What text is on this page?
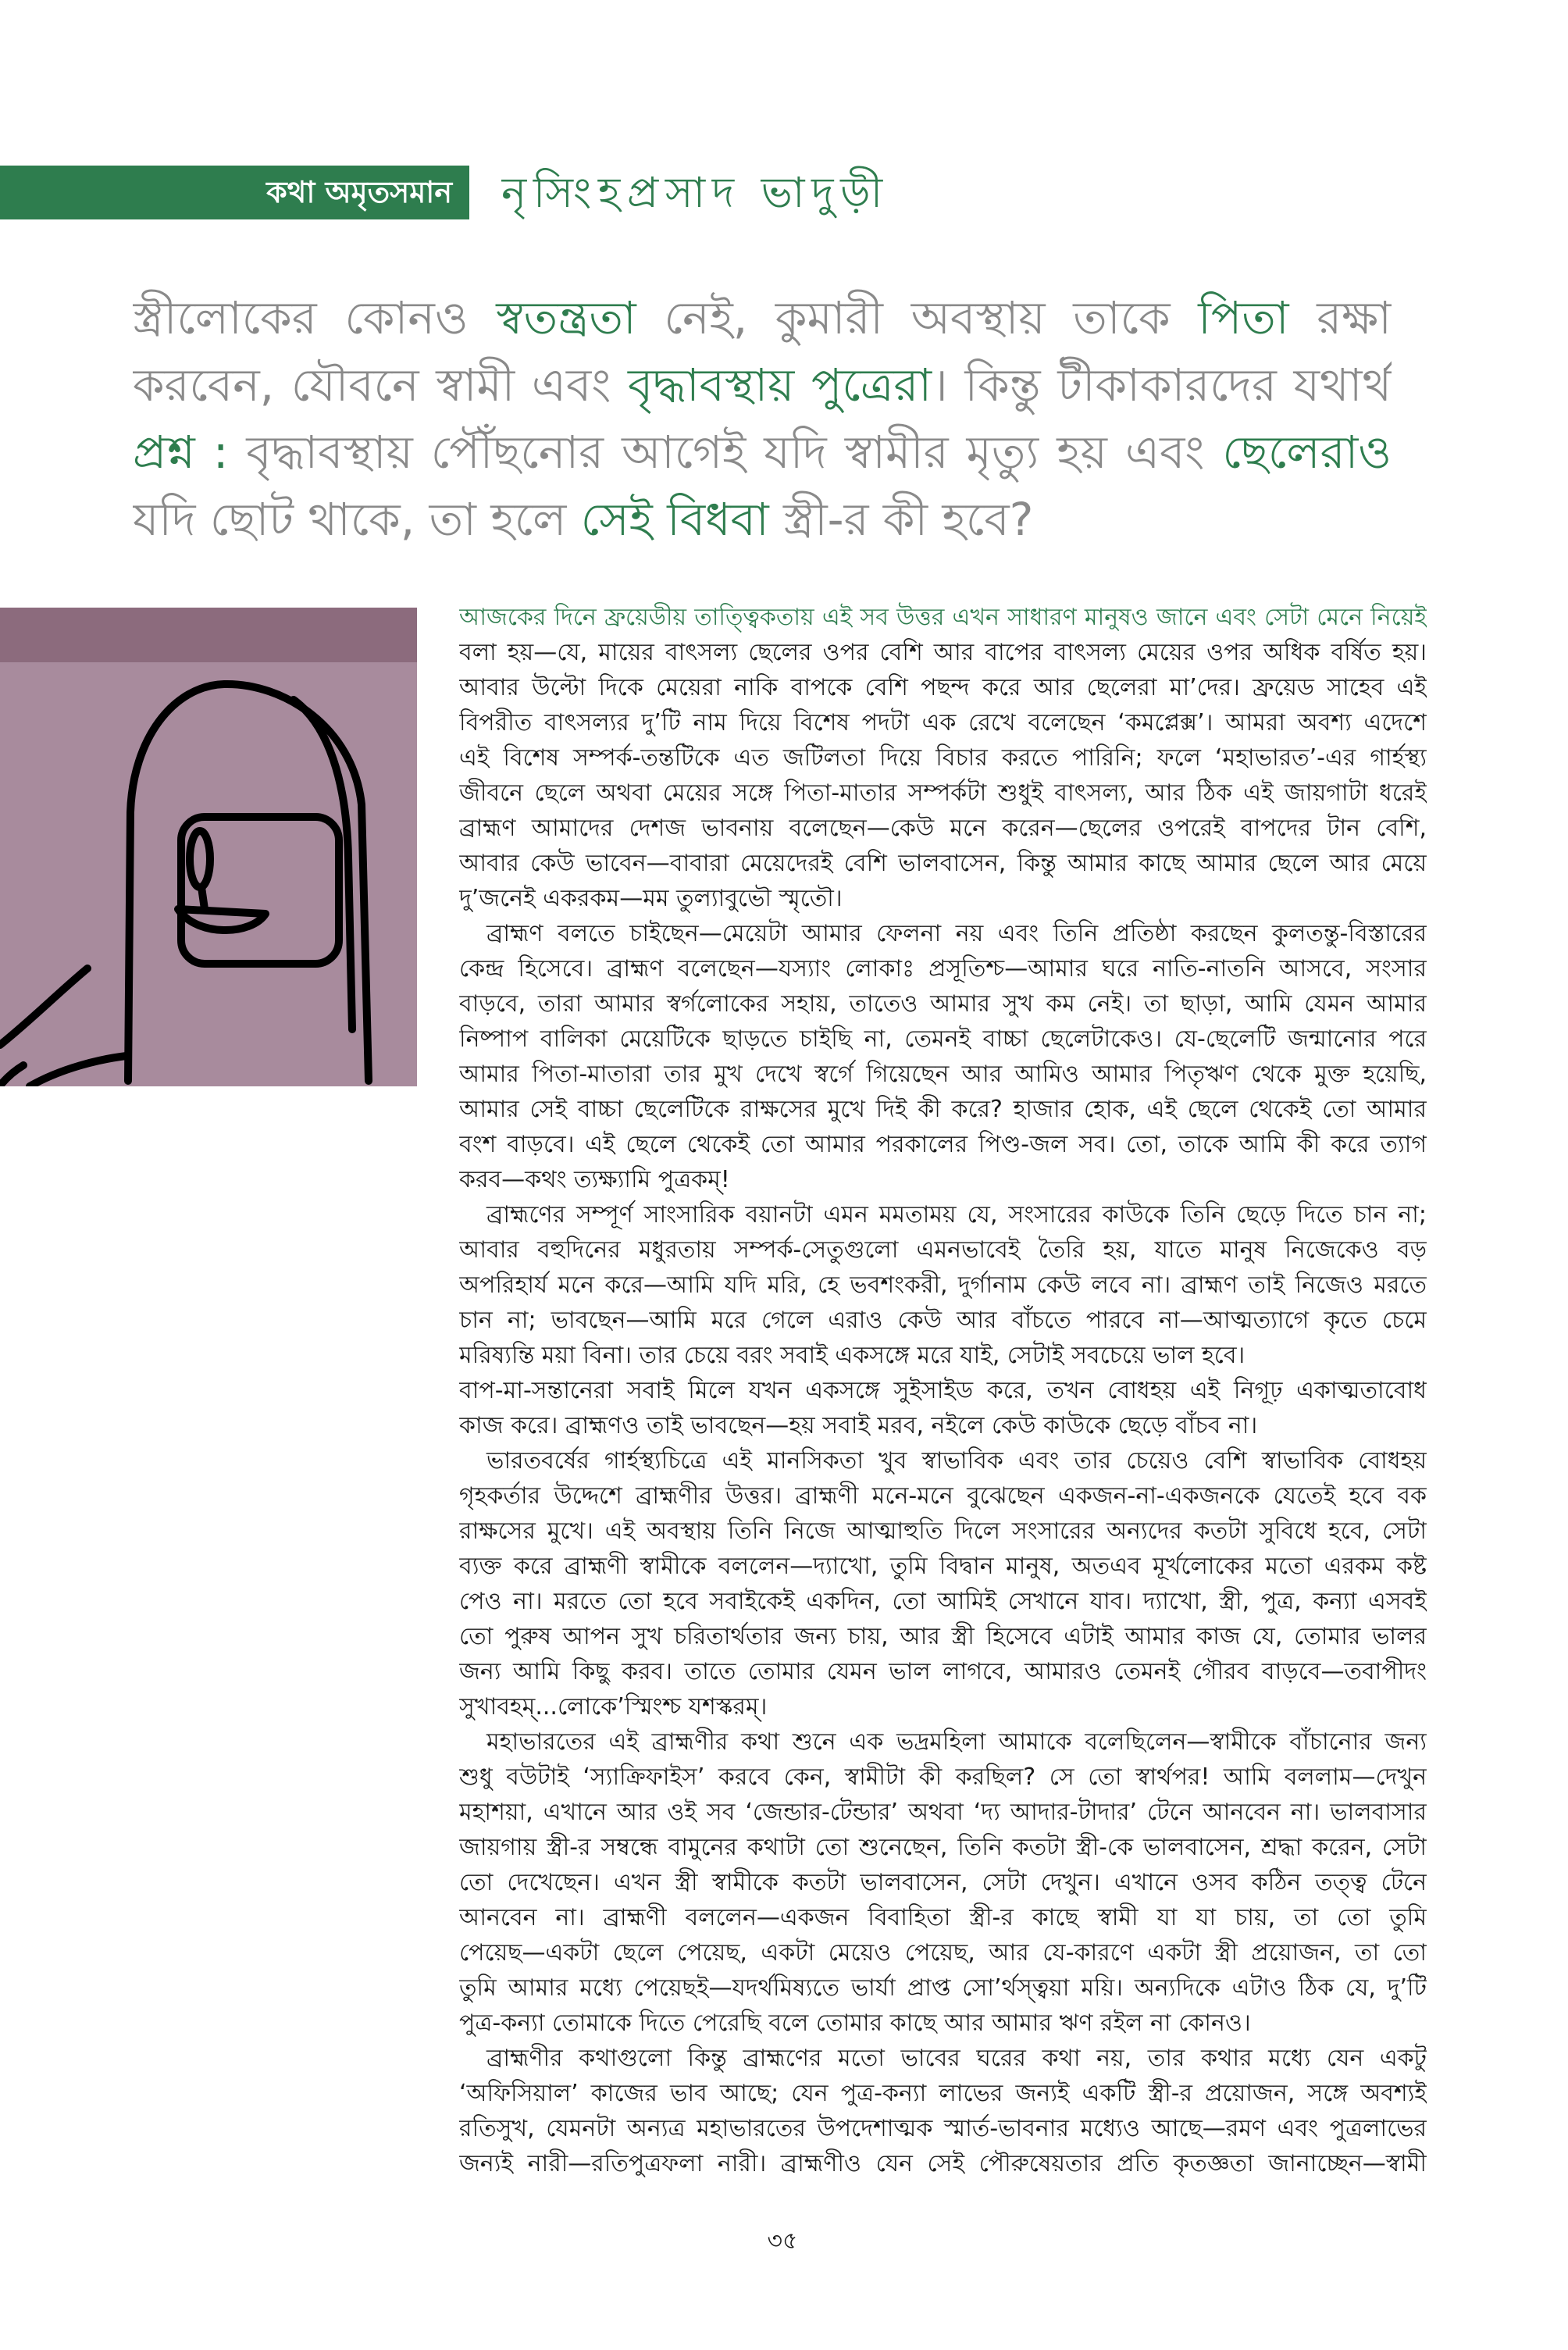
কথা অমৃতসমান	নৃসিংহপ্রসাদ ভাদুড়ী
স্ত্রীলোকের কোনও স্বতন্ত্রতা নেই, কুমারী অবস্থায় তাকে পিতা রক্ষা
করবেন, যৌবনে স্বামী এবং বৃদ্ধাবস্থায় পুত্রেরা। কিন্তু টীকাকারদের যথার্থ
প্রশ্ন : বৃদ্ধাবস্থায় পৌঁছনোর আগেই যদি স্বামীর মৃত্যু হয় এবং ছেলেরাও
যদি ছোট থাকে, তা হলে সেই বিধবা স্ত্রী-র কী হবে?
আজকের দিনে ফ্রয়েডীয় তাত্ত্বিকতায় এই সব উত্তর এখন সাধারণ মানুষও জানে এবং সেটা মেনে নিয়েই
বলা হয়—যে, মায়ের বাৎসল্য ছেলের ওপর বেশি আর বাপের বাৎসল্য মেয়ের ওপর অধিক বর্ষিত হয়।
আবার উল্টো দিকে মেয়েরা নাকি বাপকে বেশি পছন্দ করে আর ছেলেরা মা’দের। ফ্রয়েড সাহেব এই
বিপরীত বাৎসল্যর দু’টি নাম দিয়ে বিশেষ পদটা এক রেখে বলেছেন ‘কমপ্লেক্স’। আমরা অবশ্য এদেশে
এই বিশেষ সম্পর্ক-তন্তটিকে এত জটিলতা দিয়ে বিচার করতে পারিনি; ফলে ‘মহাভারত’-এর গার্হস্থ্য
জীবনে ছেলে অথবা মেয়ের সঙ্গে পিতা-মাতার সম্পর্কটা শুধুই বাৎসল্য, আর ঠিক এই জায়গাটা ধরেই
ব্রাহ্মণ আমাদের দেশজ ভাবনায় বলেছেন—কেউ মনে করেন—ছেলের ওপরেই বাপদের টান বেশি,
আবার কেউ ভাবেন—বাবারা মেয়েদেরই বেশি ভালবাসেন, কিন্তু আমার কাছে আমার ছেলে আর মেয়ে
দু’জনেই একরকম—মম তুল্যাবুভৌ স্মৃতৌ।
ব্রাহ্মণ বলতে চাইছেন—মেয়েটা আমার ফেলনা নয় এবং তিনি প্রতিষ্ঠা করছেন কুলতন্তু-বিস্তারের
কেন্দ্র হিসেবে। ব্রাহ্মণ বলেছেন—যস্যাং লোকাঃ প্রসূতিশ্চ—আমার ঘরে নাতি-নাতনি আসবে, সংসার
বাড়বে, তারা আমার স্বর্গলোকের সহায়, তাতেও আমার সুখ কম নেই। তা ছাড়া, আমি যেমন আমার
নিষ্পাপ বালিকা মেয়েটিকে ছাড়তে চাইছি না, তেমনই বাচ্চা ছেলেটাকেও। যে-ছেলেটি জন্মানোর পরে
আমার পিতা-মাতারা তার মুখ দেখে স্বর্গে গিয়েছেন আর আমিও আমার পিতৃঋণ থেকে মুক্ত হয়েছি,
আমার সেই বাচ্চা ছেলেটিকে রাক্ষসের মুখে দিই কী করে? হাজার হোক, এই ছেলে থেকেই তো আমার
বংশ বাড়বে। এই ছেলে থেকেই তো আমার পরকালের পিণ্ড-জল সব। তো, তাকে আমি কী করে ত্যাগ
করব—কথং ত্যক্ষ্যামি পুত্রকম্!
ব্রাহ্মণের সম্পূর্ণ সাংসারিক বয়ানটা এমন মমতাময় যে, সংসারের কাউকে তিনি ছেড়ে দিতে চান না;
আবার বহুদিনের মধুরতায় সম্পর্ক-সেতুগুলো এমনভাবেই তৈরি হয়, যাতে মানুষ নিজেকেও বড়
অপরিহার্য মনে করে—আমি যদি মরি, হে ভবশংকরী, দুর্গানাম কেউ লবে না। ব্রাহ্মণ তাই নিজেও মরতে
চান না; ভাবছেন—আমি মরে গেলে এরাও কেউ আর বাঁচতে পারবে না—আত্মত্যাগে কৃতে চেমে
মরিষ্যন্তি ময়া বিনা। তার চেয়ে বরং সবাই একসঙ্গে মরে যাই, সেটাই সবচেয়ে ভাল হবে।
বাপ-মা-সন্তানেরা সবাই মিলে যখন একসঙ্গে সুইসাইড করে, তখন বোধহয় এই নিগূঢ় একাত্মতাবোধ
কাজ করে। ব্রাহ্মণও তাই ভাবছেন—হয় সবাই মরব, নইলে কেউ কাউকে ছেড়ে বাঁচব না।
ভারতবর্ষের গার্হস্থ্যচিত্রে এই মানসিকতা খুব স্বাভাবিক এবং তার চেয়েও বেশি স্বাভাবিক বোধহয়
গৃহকর্তার উদ্দেশে ব্রাহ্মণীর উত্তর। ব্রাহ্মণী মনে-মনে বুঝেছেন একজন-না-একজনকে যেতেই হবে বক
রাক্ষসের মুখে। এই অবস্থায় তিনি নিজে আত্মাহুতি দিলে সংসারের অন্যদের কতটা সুবিধে হবে, সেটা
ব্যক্ত করে ব্রাহ্মণী স্বামীকে বললেন—দ্যাখো, তুমি বিদ্বান মানুষ, অতএব মূর্খলোকের মতো এরকম কষ্ট
পেও না। মরতে তো হবে সবাইকেই একদিন, তো আমিই সেখানে যাব। দ্যাখো, স্ত্রী, পুত্র, কন্যা এসবই
তো পুরুষ আপন সুখ চরিতার্থতার জন্য চায়, আর স্ত্রী হিসেবে এটাই আমার কাজ যে, তোমার ভালর
জন্য আমি কিছু করব। তাতে তোমার যেমন ভাল লাগবে, আমারও তেমনই গৌরব বাড়বে—তবাপীদং
সুখাবহম্...লোকে’স্মিংশ্চ যশস্করম্।
মহাভারতের এই ব্রাহ্মণীর কথা শুনে এক ভদ্রমহিলা আমাকে বলেছিলেন—স্বামীকে বাঁচানোর জন্য
শুধু বউটাই ‘স্যাক্রিফাইস’ করবে কেন, স্বামীটা কী করছিল? সে তো স্বার্থপর! আমি বললাম—দেখুন
মহাশয়া, এখানে আর ওই সব ‘জেন্ডার-টেন্ডার’ অথবা ‘দ্য আদার-টাদার’ টেনে আনবেন না। ভালবাসার
জায়গায় স্ত্রী-র সম্বন্ধে বামুনের কথাটা তো শুনেছেন, তিনি কতটা স্ত্রী-কে ভালবাসেন, শ্রদ্ধা করেন, সেটা
তো দেখেছেন। এখন স্ত্রী স্বামীকে কতটা ভালবাসেন, সেটা দেখুন। এখানে ওসব কঠিন তত্ত্ব টেনে
আনবেন না। ব্রাহ্মণী বললেন—একজন বিবাহিতা স্ত্রী-র কাছে স্বামী যা যা চায়, তা তো তুমি
পেয়েছ—একটা ছেলে পেয়েছ, একটা মেয়েও পেয়েছ, আর যে-কারণে একটা স্ত্রী প্রয়োজন, তা তো
তুমি আমার মধ্যে পেয়েছই—যদর্থমিষ্যতে ভার্যা প্রাপ্ত সো’র্থস্ত্বয়া ময়ি। অন্যদিকে এটাও ঠিক যে, দু’টি
পুত্র-কন্যা তোমাকে দিতে পেরেছি বলে তোমার কাছে আর আমার ঋণ রইল না কোনও।
ব্রাহ্মণীর কথাগুলো কিন্তু ব্রাহ্মণের মতো ভাবের ঘরের কথা নয়, তার কথার মধ্যে যেন একটু
‘অফিসিয়াল’ কাজের ভাব আছে; যেন পুত্র-কন্যা লাভের জন্যই একটি স্ত্রী-র প্রয়োজন, সঙ্গে অবশ্যই
রতিসুখ, যেমনটা অন্যত্র মহাভারতের উপদেশাত্মক স্মার্ত-ভাবনার মধ্যেও আছে—রমণ এবং পুত্রলাভের
জন্যই নারী—রতিপুত্রফলা নারী। ব্রাহ্মণীও যেন সেই পৌরুষেয়তার প্রতি কৃতজ্ঞতা জানাচ্ছেন—স্বামী
৩৫
